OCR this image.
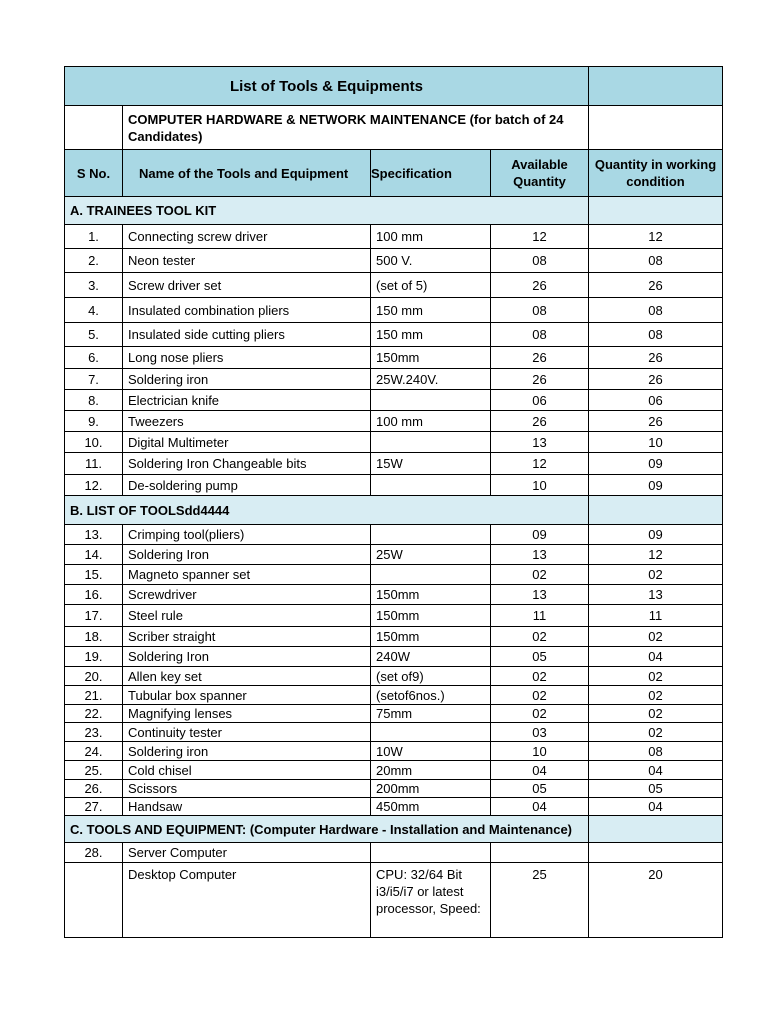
List of Tools & Equipments				
	COMPUTER HARDWARE & NETWORK MAINTENANCE (for batch of 24 Candidates)			
S No.	Name of the Tools and Equipment	Specification	Available Quantity	Quantity in working condition
A. TRAINEES TOOL KIT				
1.	Connecting screw driver	100 mm	12	12
2.	Neon tester	500 V.	08	08
3.	Screw driver set	(set of 5)	26	26
4.	Insulated combination pliers	150 mm	08	08
5.	Insulated side cutting pliers	150 mm	08	08
6.	Long nose pliers	150mm	26	26
7.	Soldering iron	25W.240V.	26	26
8.	Electrician knife		06	06
9.	Tweezers	100 mm	26	26
10.	Digital Multimeter		13	10
11.	Soldering Iron Changeable bits	15W	12	09
12.	De-soldering pump		10	09
B. LIST OF TOOLSdd4444				
13.	Crimping tool(pliers)		09	09
14.	Soldering Iron	25W	13	12
15.	Magneto spanner set		02	02
16.	Screwdriver	150mm	13	13
17.	Steel rule	150mm	11	11
18.	Scriber straight	150mm	02	02
19.	Soldering Iron	240W	05	04
20.	Allen key set	(set of9)	02	02
21.	Tubular box spanner	(setof6nos.)	02	02
22.	Magnifying lenses	75mm	02	02
23.	Continuity tester		03	02
24.	Soldering iron	10W	10	08
25.	Cold chisel	20mm	04	04
26.	Scissors	200mm	05	05
27.	Handsaw	450mm	04	04
C. TOOLS AND EQUIPMENT: (Computer Hardware - Installation and Maintenance)				
28.	Server Computer			
	Desktop Computer	CPU: 32/64 Bit i3/i5/i7 or latest processor, Speed:	25	20
